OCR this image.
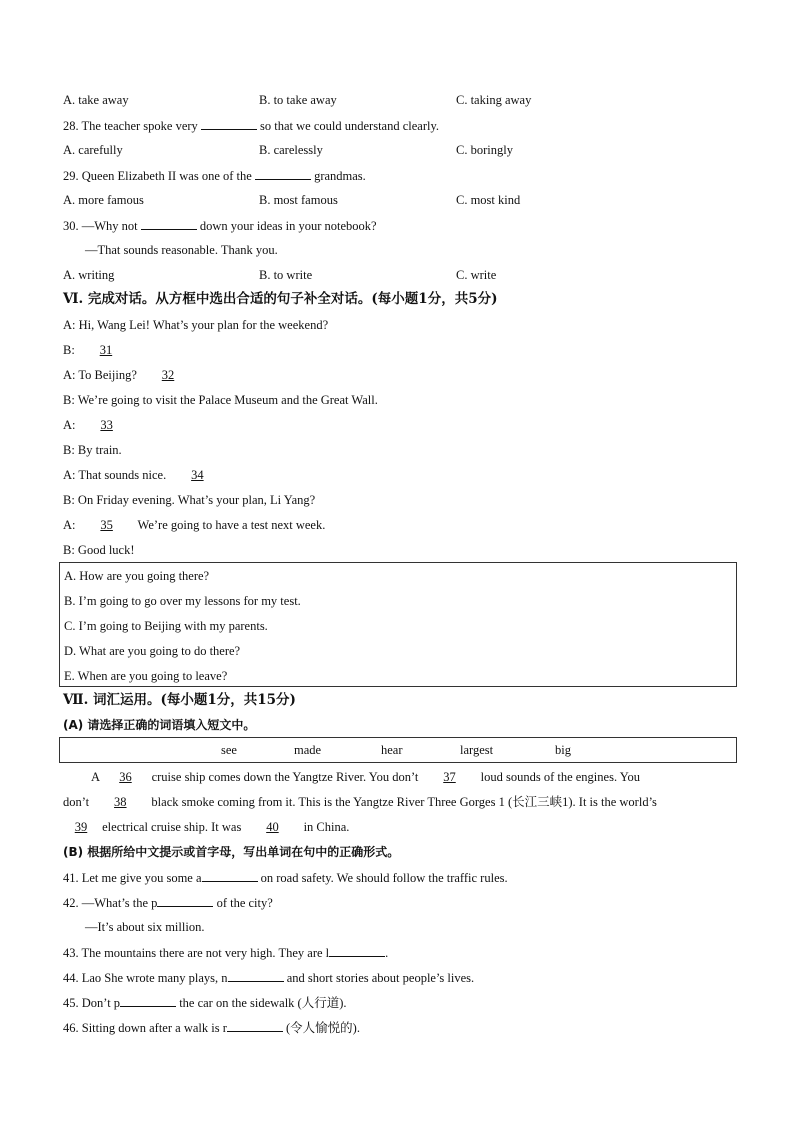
A. take away	B. to take away	C. taking away
28. The teacher spoke very	so that we could understand clearly.
A. carefully	B. carelessly	C. boringly
29. Queen Elizabeth II was one of the	grandmas.
A. more famous	B. most famous	C. most kind
30. —Why not	down your ideas in your notebook?
—That sounds reasonable. Thank you.
A. writing	B. to write	C. write
Ⅵ. 完成对话。从方框中选出合适的句子补全对话。(每小题1分，共5分)
A: Hi, Wang Lei! What’s your plan for the weekend?
B: 31
A: To Beijing? 32
B: We’re going to visit the Palace Museum and the Great Wall.
A: 33
B: By train.
A: That sounds nice. 34
B: On Friday evening. What’s your plan, Li Yang?
A: 35 We’re going to have a test next week.
B: Good luck!
A. How are you going there?
B. I’m going to go over my lessons for my test.
C. I’m going to Beijing with my parents.
D. What are you going to do there?
E. When are you going to leave?
Ⅶ. 词汇运用。(每小题1分，共15分)
(A) 请选择正确的词语填入短文中。
see	made	hear	largest	big
A 36 cruise ship comes down the Yangtze River. You don’t 37 loud sounds of the engines. You
don’t 38 black smoke coming from it. This is the Yangtze River Three Gorges 1 (长江三峡1). It is the world’s
39 electrical cruise ship. It was 40 in China.
(B) 根据所给中文提示或首字母，写出单词在句中的正确形式。
41. Let me give you some a	on road safety. We should follow the traffic rules.
42. —What’s the p	of the city?
—It’s about six million.
43. The mountains there are not very high. They are l	.
44. Lao She wrote many plays, n	and short stories about people’s lives.
45. Don’t p	the car on the sidewalk (人行道).
46. Sitting down after a walk is r	(令人愉悦的).
